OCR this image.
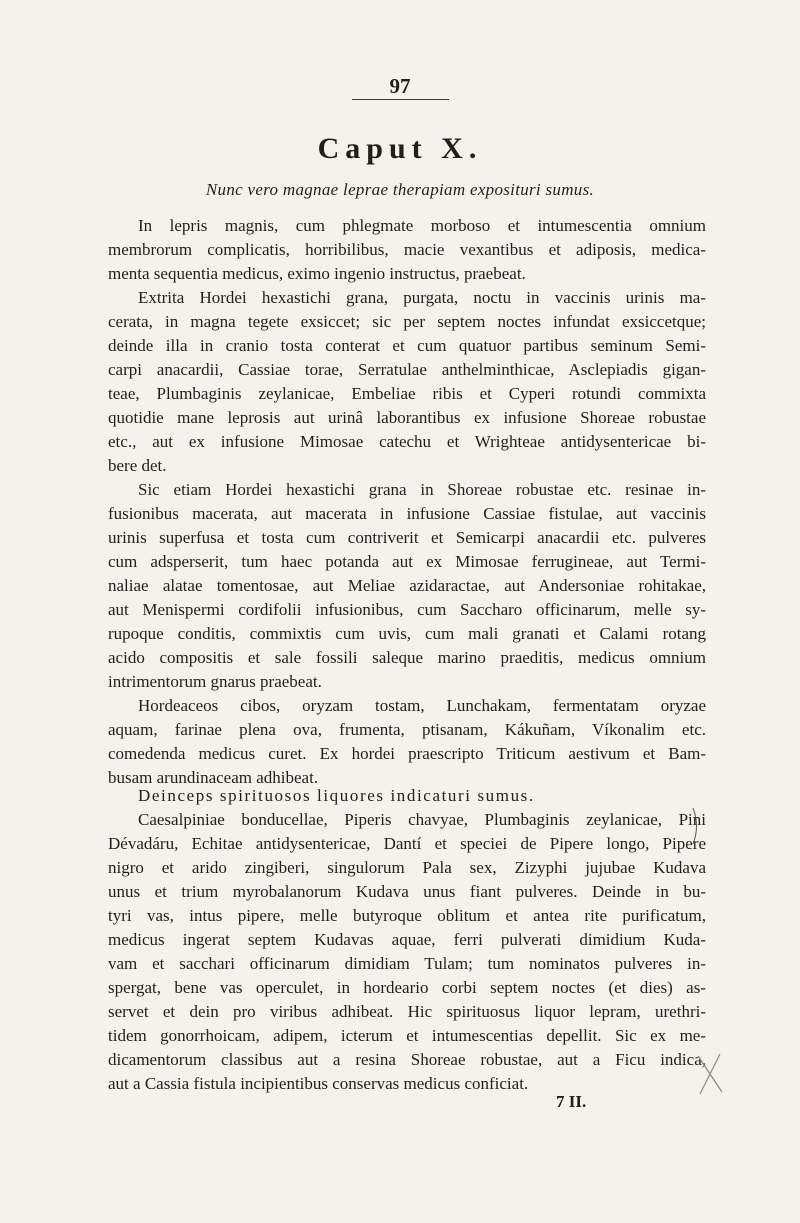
97
Caput X.
Nunc vero magnae leprae therapiam exposituri sumus.
In lepris magnis, cum phlegmate morboso et intumescentia omnium
membrorum complicatis, horribilibus, macie vexantibus et adiposis, medica-
menta sequentia medicus, eximo ingenio instructus, praebeat.
Extrita Hordei hexastichi grana, purgata, noctu in vaccinis urinis ma-
cerata, in magna tegete exsiccet; sic per septem noctes infundat exsiccetque;
deinde illa in cranio tosta conterat et cum quatuor partibus seminum Semi-
carpi anacardii, Cassiae torae, Serratulae anthelminthicae, Asclepiadis gigan-
teae, Plumbaginis zeylanicae, Embeliae ribis et Cyperi rotundi commixta
quotidie mane leprosis aut urinâ laborantibus ex infusione Shoreae robustae
etc., aut ex infusione Mimosae catechu et Wrighteae antidysentericae bi-
bere det.
Sic etiam Hordei hexastichi grana in Shoreae robustae etc. resinae in-
fusionibus macerata, aut macerata in infusione Cassiae fistulae, aut vaccinis
urinis superfusa et tosta cum contriverit et Semicarpi anacardii etc. pulveres
cum adsperserit, tum haec potanda aut ex Mimosae ferrugineae, aut Termi-
naliae alatae tomentosae, aut Meliae azidaractae, aut Andersoniae rohitakae,
aut Menispermi cordifolii infusionibus, cum Saccharo officinarum, melle sy-
rupoque conditis, commixtis cum uvis, cum mali granati et Calami rotang
acido compositis et sale fossili saleque marino praeditis, medicus omnium
intrimentorum gnarus praebeat.
Hordeaceos cibos, oryzam tostam, Lunchakam, fermentatam oryzae
aquam, farinae plena ova, frumenta, ptisanam, Kákuñam, Víkonalim etc.
comedenda medicus curet. Ex hordei praescripto Triticum aestivum et Bam-
busam arundinaceam adhibeat.
Deinceps spirituosos liquores indicaturi sumus.
Caesalpiniae bonducellae, Piperis chavyae, Plumbaginis zeylanicae, Pini
Dévadáru, Echitae antidysentericae, Dantí et speciei de Pipere longo, Pipere
nigro et arido zingiberi, singulorum Pala sex, Zizyphi jujubae Kudava
unus et trium myrobalanorum Kudava unus fiant pulveres. Deinde in bu-
tyri vas, intus pipere, melle butyroque oblitum et antea rite purificatum,
medicus ingerat septem Kudavas aquae, ferri pulverati dimidium Kuda-
vam et sacchari officinarum dimidiam Tulam; tum nominatos pulveres in-
spergat, bene vas operculet, in hordeario corbi septem noctes (et dies) as-
servet et dein pro viribus adhibeat. Hic spirituosus liquor lepram, urethri-
tidem gonorrhoicam, adipem, icterum et intumescentias depellit. Sic ex me-
dicamentorum classibus aut a resina Shoreae robustae, aut a Ficu indica,
aut a Cassia fistula incipientibus conservas medicus conficiat.
7 II.
